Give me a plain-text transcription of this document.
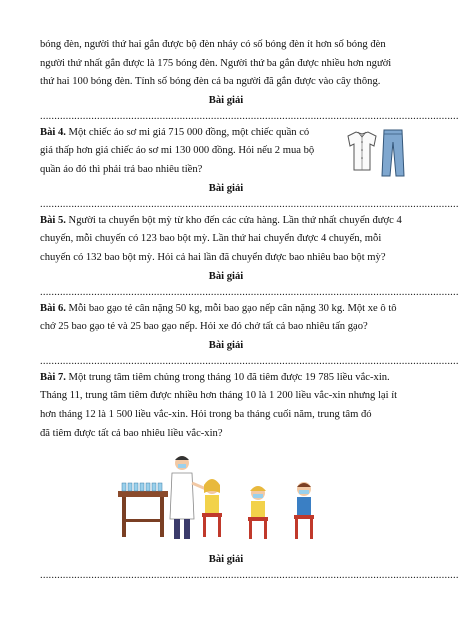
bóng đèn, người thứ hai gắn được bộ đèn nháy có số bóng đèn ít hơn số bóng đèn

người thứ nhất gắn được là 175 bóng đèn. Người thứ ba gắn được nhiều hơn người

thứ hai 100 bóng đèn. Tính số bóng đèn cả ba người đã gắn được vào cây thông.

Bài giải
...................................................................................................................................................

Bài 4. Một chiếc áo sơ mi giá 715 000 đồng, một chiếc quần có

giá thấp hơn giá chiếc áo sơ mi 130 000 đồng. Hỏi nếu 2 mua bộ

quần áo đó thì phải trả bao nhiêu tiền?

Bài giải
...................................................................................................................................................

Bài 5. Người ta chuyển bột mỳ từ kho đến các cửa hàng. Lần thứ nhất chuyển được 4

chuyến, mỗi chuyến có 123 bao bột mỳ. Lần thứ hai chuyển được 4 chuyến, mỗi

chuyến có 132 bao bột mỳ. Hỏi cả hai lần đã chuyển được bao nhiêu bao bột mỳ?

Bài giải
...................................................................................................................................................

Bài 6. Mỗi bao gạo tẻ cân nặng 50 kg, mỗi bao gạo nếp cân nặng 30 kg. Một xe ô tô

chở 25 bao gạo tẻ và 25 bao gạo nếp. Hỏi xe đó chở tất cả bao nhiêu tấn gạo?

Bài giải
...................................................................................................................................................

Bài 7. Một trung tâm tiêm chủng trong tháng 10 đã tiêm được 19 785 liều vắc-xin.

Tháng 11, trung tâm tiêm được nhiều hơn tháng 10 là 1 200 liều vắc-xin nhưng lại ít

hơn tháng 12 là 1 500 liều vắc-xin. Hỏi trong ba tháng cuối năm, trung tâm đó

đã tiêm được tất cả bao nhiêu liều vắc-xin?

Bài giải
...................................................................................................................................................
